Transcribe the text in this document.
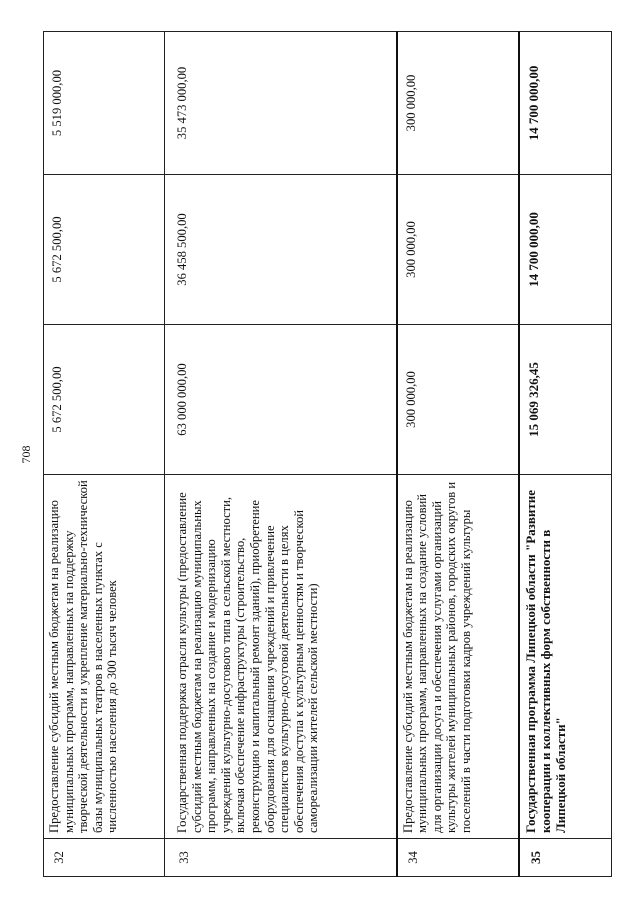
708
32	Предоставление субсидий местным бюджетам на реализацию муниципальных программ, направленных на поддержку творческой деятельности и укрепление материально-технической базы муниципальных театров в населенных пунктах с численностью населения до 300 тысяч человек	5 672 500,00	5 672 500,00	5 519 000,00
33	Государственная поддержка отрасли культуры (предоставление субсидий местным бюджетам на реализацию муниципальных программ, направленных на создание и модернизацию учреждений культурно-досугового типа в сельской местности, включая обеспечение инфраструктуры (строительство, реконструкцию и капитальный ремонт зданий), приобретение оборудования для оснащения учреждений и привлечение специалистов культурно-досуговой деятельности в целях обеспечения доступа к культурным ценностям и творческой самореализации жителей сельской местности)	63 000 000,00	36 458 500,00	35 473 000,00
34	Предоставление субсидий местным бюджетам на реализацию муниципальных программ, направленных на создание условий для организации досуга и обеспечения услугами организаций культуры жителей муниципальных районов, городских округов и поселений в части подготовки кадров учреждений культуры	300 000,00	300 000,00	300 000,00
35	Государственная программа Липецкой области "Развитие кооперации и коллективных форм собственности в Липецкой области"	15 069 326,45	14 700 000,00	14 700 000,00
